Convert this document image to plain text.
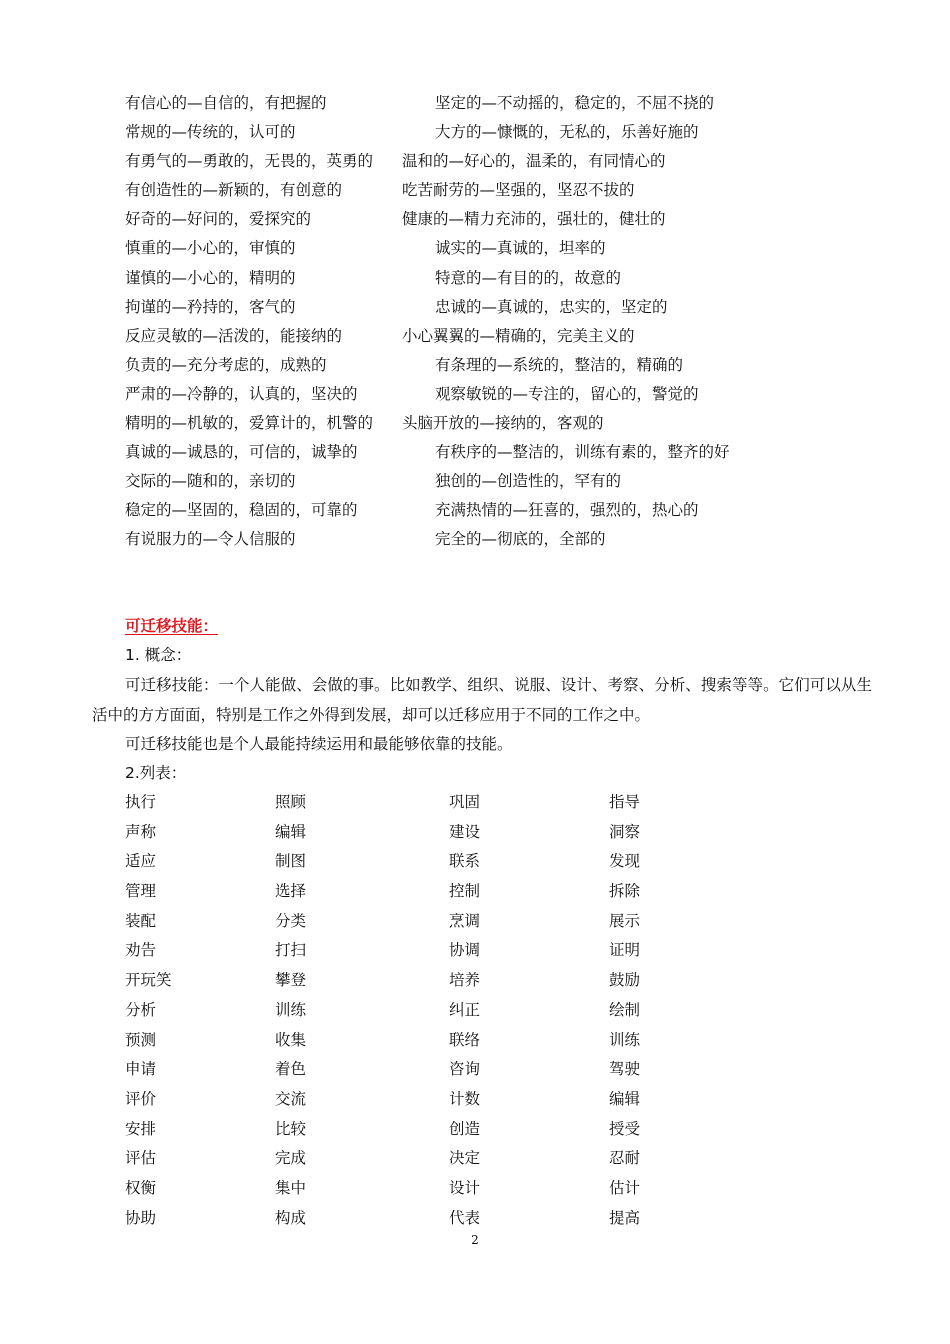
有信心的—自信的，有把握的	坚定的—不动摇的，稳定的，不屈不挠的
常规的—传统的，认可的	大方的—慷慨的，无私的，乐善好施的
有勇气的—勇敢的，无畏的，英勇的 温和的—好心的，温柔的，有同情心的
有创造性的—新颖的，有创意的	吃苦耐劳的—坚强的，坚忍不拔的
好奇的—好问的，爱探究的	健康的—精力充沛的，强壮的，健壮的
慎重的—小心的，审慎的	诚实的—真诚的，坦率的
谨慎的—小心的，精明的	特意的—有目的的，故意的
拘谨的—矜持的，客气的	忠诚的—真诚的，忠实的，坚定的
反应灵敏的—活泼的，能接纳的	小心翼翼的—精确的，完美主义的
负责的—充分考虑的，成熟的	有条理的—系统的，整洁的，精确的
严肃的—冷静的，认真的，坚决的	观察敏锐的—专注的，留心的，警觉的
精明的—机敏的，爱算计的，机警的 头脑开放的—接纳的，客观的
真诚的—诚恳的，可信的，诚挚的	有秩序的—整洁的，训练有素的，整齐的好
交际的—随和的，亲切的	独创的—创造性的，罕有的
稳定的—坚固的，稳固的，可靠的	充满热情的—狂喜的，强烈的，热心的
有说服力的—令人信服的	完全的—彻底的，全部的
可迁移技能：
1. 概念：
可迁移技能：一个人能做、会做的事。比如教学、组织、说服、设计、考察、分析、搜索等等。它们可以从生活中的方方面面，特别是工作之外得到发展，却可以迁移应用于不同的工作之中。
可迁移技能也是个人最能持续运用和最能够依靠的技能。
2.列表：
执行	照顾	巩固	指导
声称	编辑	建设	洞察
适应	制图	联系	发现
管理	选择	控制	拆除
装配	分类	烹调	展示
劝告	打扫	协调	证明
开玩笑	攀登	培养	鼓励
分析	训练	纠正	绘制
预测	收集	联络	训练
申请	着色	咨询	驾驶
评价	交流	计数	编辑
安排	比较	创造	授受
评估	完成	决定	忍耐
权衡	集中	设计	估计
协助	构成	代表	提高
2
